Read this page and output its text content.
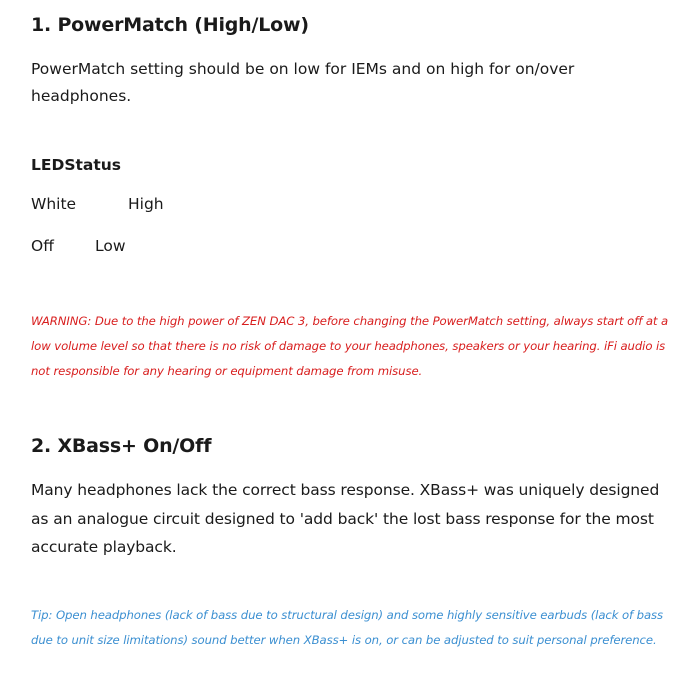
1. PowerMatch (High/Low)

PowerMatch setting should be on low for IEMs and on high for on/over headphones.

LEDStatus

White	High
Off	Low

WARNING: Due to the high power of ZEN DAC 3, before changing the PowerMatch setting, always start off at a low volume level so that there is no risk of damage to your headphones, speakers or your hearing. iFi audio is not responsible for any hearing or equipment damage from misuse.

2. XBass+ On/Off

Many headphones lack the correct bass response. XBass+ was uniquely designed as an analogue circuit designed to 'add back' the lost bass response for the most accurate playback.

Tip: Open headphones (lack of bass due to structural design) and some highly sensitive earbuds (lack of bass due to unit size limitations) sound better when XBass+ is on, or can be adjusted to suit personal preference.
